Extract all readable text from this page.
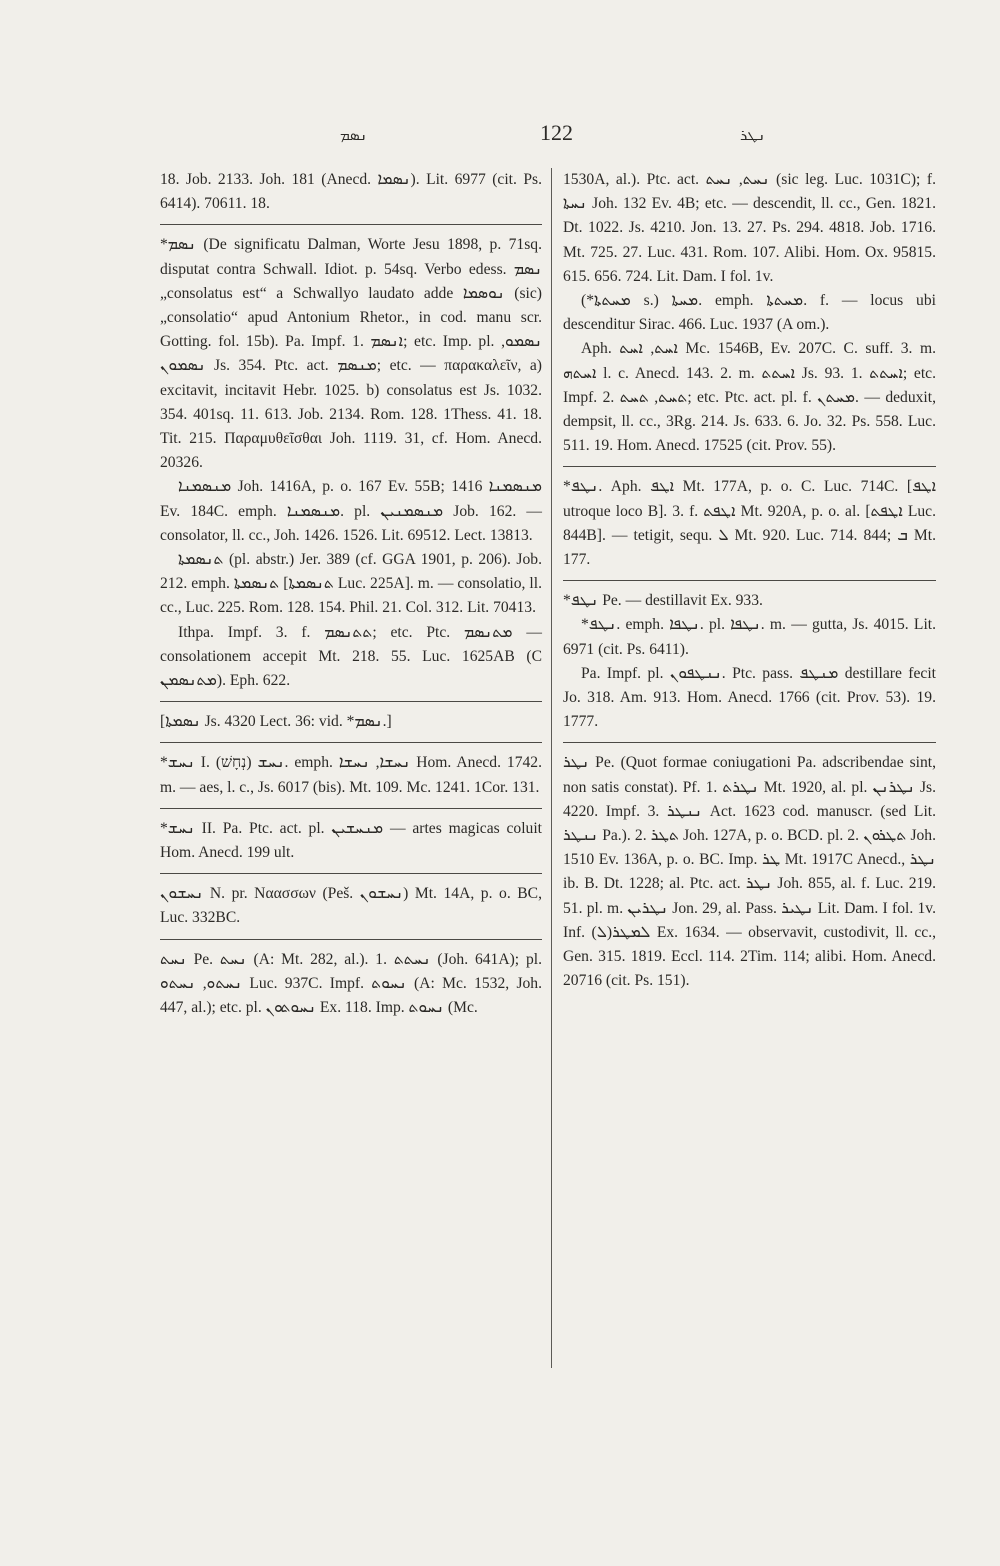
ܢܣܡ	122	ܢܛܪ

18. Job. 2133. Joh. 181 (Anecd. ܢܣܡܐ). Lit. 6977 (cit. Ps. 6414). 70611. 18.

*ܢܣܡ (De significatu Dalman, Worte Jesu 1898, p. 71sq. disputat contra Schwall. Idiot. p. 54sq. Verbo edess. ܢܣܡ „consolatus est“ a Schwallyo laudato adde ܢܘܣܡܐ (sic) „consolatio“ apud Antonium Rhetor., in cod. manu scr. Gotting. fol. 15b). Pa. Impf. 1. ܐܢܣܡ; etc. Imp. pl. ܢܣܡܘ, ܢܣܡܘܢ Js. 354. Ptc. act. ܡܢܣܡ; etc. — παρακαλεῖν, a) excitavit, incitavit Hebr. 1025. b) consolatus est Js. 1032. 354. 401sq. 11. 613. Job. 2134. Rom. 128. 1Thess. 41. 18. Tit. 215. Παραμυθεῖσθαι Joh. 1119. 31, cf. Hom. Anecd. 20326.

ܡܢܣܡܢܐ Joh. 1416A, p. o. 167 Ev. 55B; ܡܢܣܡܢܐ 1416 Ev. 184C. emph. ܡܢܣܡܢܐ. pl. ܡܢܣܡܢܝܢ Job. 162. — consolator, ll. cc., Joh. 1426. 1526. Lit. 69512. Lect. 13813.

ܬܢܣܡܬܐ (pl. abstr.) Jer. 389 (cf. GGA 1901, p. 206). Job. 212. emph. ܬܢܣܡܬܐ [ܬܢܣܡܬܐ Luc. 225A]. m. — consolatio, ll. cc., Luc. 225. Rom. 128. 154. Phil. 21. Col. 312. Lit. 70413.

Ithpa. Impf. 3. f. ܬܬܢܣܡ; etc. Ptc. ܡܬܢܣܡ — consolationem accepit Mt. 218. 55. Luc. 1625AB (C ܡܬܢܣܡܢ). Eph. 622.

[ܢܣܡܬܐ Js. 4320 Lect. 36: vid. *ܢܣܡ.]

*ܢܚܫ I. ܢܚܫ (נְחָשׁ). emph. ܢܚܫܐ, ܢܚܫܐ Hom. Anecd. 1742. m. — aes, l. c., Js. 6017 (bis). Mt. 109. Mc. 1241. 1Cor. 131.

*ܢܚܫ II. Pa. Ptc. act. pl. ܡܢܚܫܝܢ — artes magicas coluit Hom. Anecd. 199 ult.

ܢܚܫܘܢ N. pr. Ναασσων (Peš. ܢܚܫܘܢ) Mt. 14A, p. o. BC, Luc. 332BC.

ܢܚܬ Pe. ܢܚܬ (A: Mt. 282, al.). 1. ܢܚܬܬ (Joh. 641A); pl. ܢܚܬܘ, ܢܚܬܘ Luc. 937C. Impf. ܢܚܘܬ (A: Mc. 1532, Joh. 447, al.); etc. pl. ܢܚܘܬܘܢ Ex. 118. Imp. ܢܚܘܬ (Mc.

1530A, al.). Ptc. act. ܢܚܬ, ܢܚܬ (sic leg. Luc. 1031C); f. ܢܚܬܐ Joh. 132 Ev. 4B; etc. — descendit, ll. cc., Gen. 1821. Dt. 1022. Js. 4210. Jon. 13. 27. Ps. 294. 4818. Job. 1716. Mt. 725. 27. Luc. 431. Rom. 107. Alibi. Hom. Ox. 95815. 615. 656. 724. Lit. Dam. I fol. 1v.

(*ܡܚܬܬܐ s.) ܡܚܬܐ. emph. ܡܚܬܬܐ. f. — locus ubi descenditur Sirac. 466. Luc. 1937 (A om.).

Aph. ܐܚܬ, ܐܚܬ Mc. 1546B, Ev. 207C. C. suff. 3. m. ܐܚܬܗ l. c. Anecd. 143. 2. m. ܐܚܬܬ Js. 93. 1. ܐܚܬܬ; etc. Impf. 2. ܬܚܬ, ܬܚܬ; etc. Ptc. act. pl. f. ܡܚܬܢ. — deduxit, dempsit, ll. cc., 3Rg. 214. Js. 633. 6. Jo. 32. Ps. 558. Luc. 511. 19. Hom. Anecd. 17525 (cit. Prov. 55).

*ܢܛܦ. Aph. ܐܛܦ Mt. 177A, p. o. C. Luc. 714C. [ܐܛܦ utroque loco B]. 3. f. ܐܛܦܬ Mt. 920A, p. o. al. [ܐܛܦܬ Luc. 844B]. — tetigit, sequ. ܠ Mt. 920. Luc. 714. 844; ܒ Mt. 177.

*ܢܛܦ Pe. — destillavit Ex. 933.

*ܢܛܦ. emph. ܢܛܦܐ. pl. ܢܛܦܐ. m. — gutta, Js. 4015. Lit. 6971 (cit. Ps. 6411).

Pa. Impf. pl. ܢܢܛܦܘܢ. Ptc. pass. ܡܢܛܦ destillare fecit Jo. 318. Am. 913. Hom. Anecd. 1766 (cit. Prov. 53). 19. 1777.

ܢܛܪ Pe. (Quot formae coniugationi Pa. adscribendae sint, non satis constat). Pf. 1. ܢܛܪܬ Mt. 1920, al. pl. ܢܛܪܢܢ Js. 4220. Impf. 3. ܢܢܛܪ Act. 1623 cod. manuscr. (sed Lit. ܢܢܛܪ Pa.). 2. ܬܛܪ Joh. 127A, p. o. BCD. pl. 2. ܬܛܪܘܢ Joh. 1510 Ev. 136A, p. o. BC. Imp. ܛܪ Mt. 1917C Anecd., ܢܛܪ ib. B. Dt. 1228; al. Ptc. act. ܢܛܪ Joh. 855, al. f. Luc. 219. 51. pl. m. ܢܛܪܝܢ Jon. 29, al. Pass. ܢܛܝܪ Lit. Dam. I fol. 1v. Inf. ܠܡܛܪ(ܠ) Ex. 1634. — observavit, custodivit, ll. cc., Gen. 315. 1819. Eccl. 114. 2Tim. 114; alibi. Hom. Anecd. 20716 (cit. Ps. 151).
